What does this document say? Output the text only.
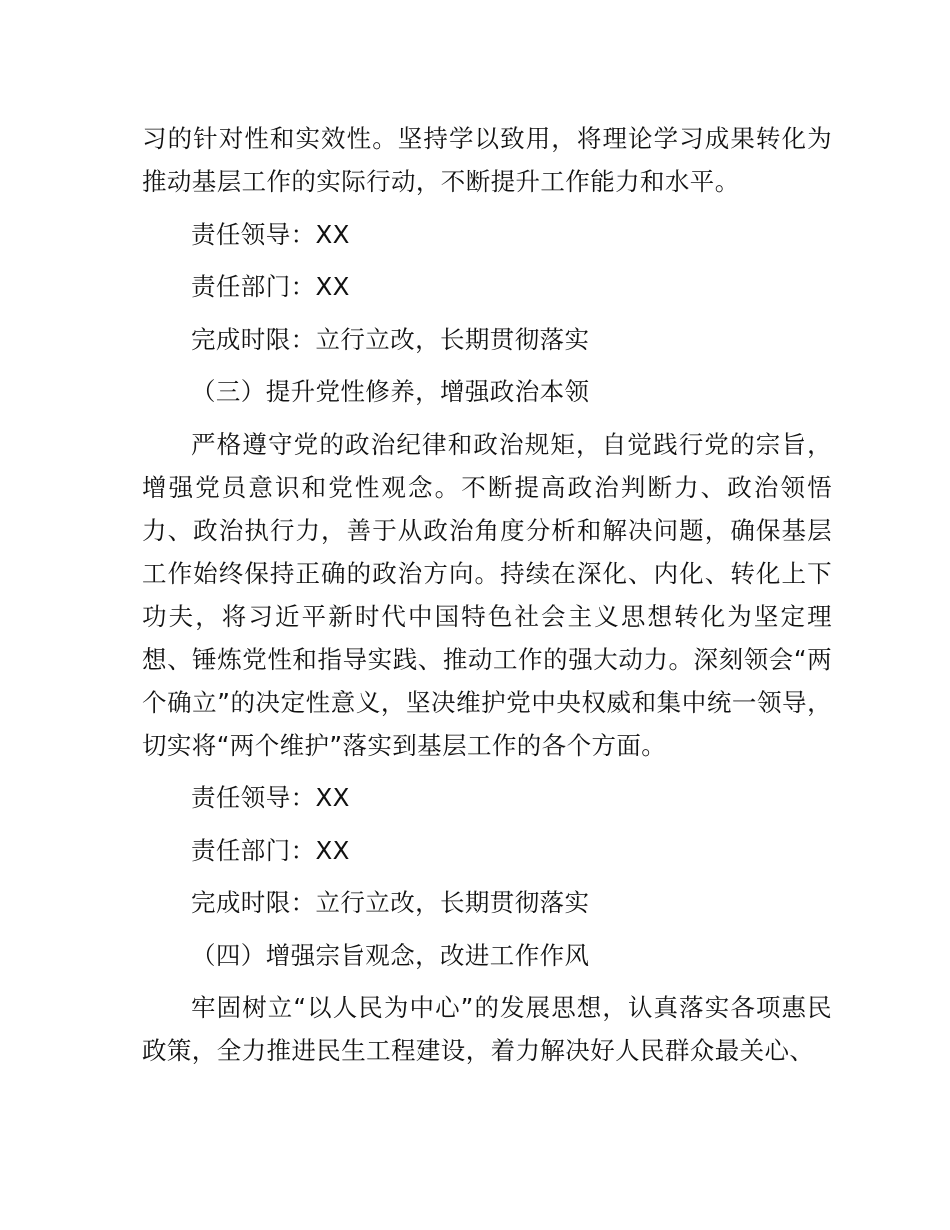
习的针对性和实效性。坚持学以致用，将理论学习成果转化为推动基层工作的实际行动，不断提升工作能力和水平。

责任领导：XX

责任部门：XX

完成时限：立行立改，长期贯彻落实

（三）提升党性修养，增强政治本领

严格遵守党的政治纪律和政治规矩，自觉践行党的宗旨，增强党员意识和党性观念。不断提高政治判断力、政治领悟力、政治执行力，善于从政治角度分析和解决问题，确保基层工作始终保持正确的政治方向。持续在深化、内化、转化上下功夫，将习近平新时代中国特色社会主义思想转化为坚定理想、锤炼党性和指导实践、推动工作的强大动力。深刻领会“两个确立”的决定性意义，坚决维护党中央权威和集中统一领导，切实将“两个维护”落实到基层工作的各个方面。

责任领导：XX

责任部门：XX

完成时限：立行立改，长期贯彻落实

（四）增强宗旨观念，改进工作作风

牢固树立“以人民为中心”的发展思想，认真落实各项惠民政策，全力推进民生工程建设，着力解决好人民群众最关心、
